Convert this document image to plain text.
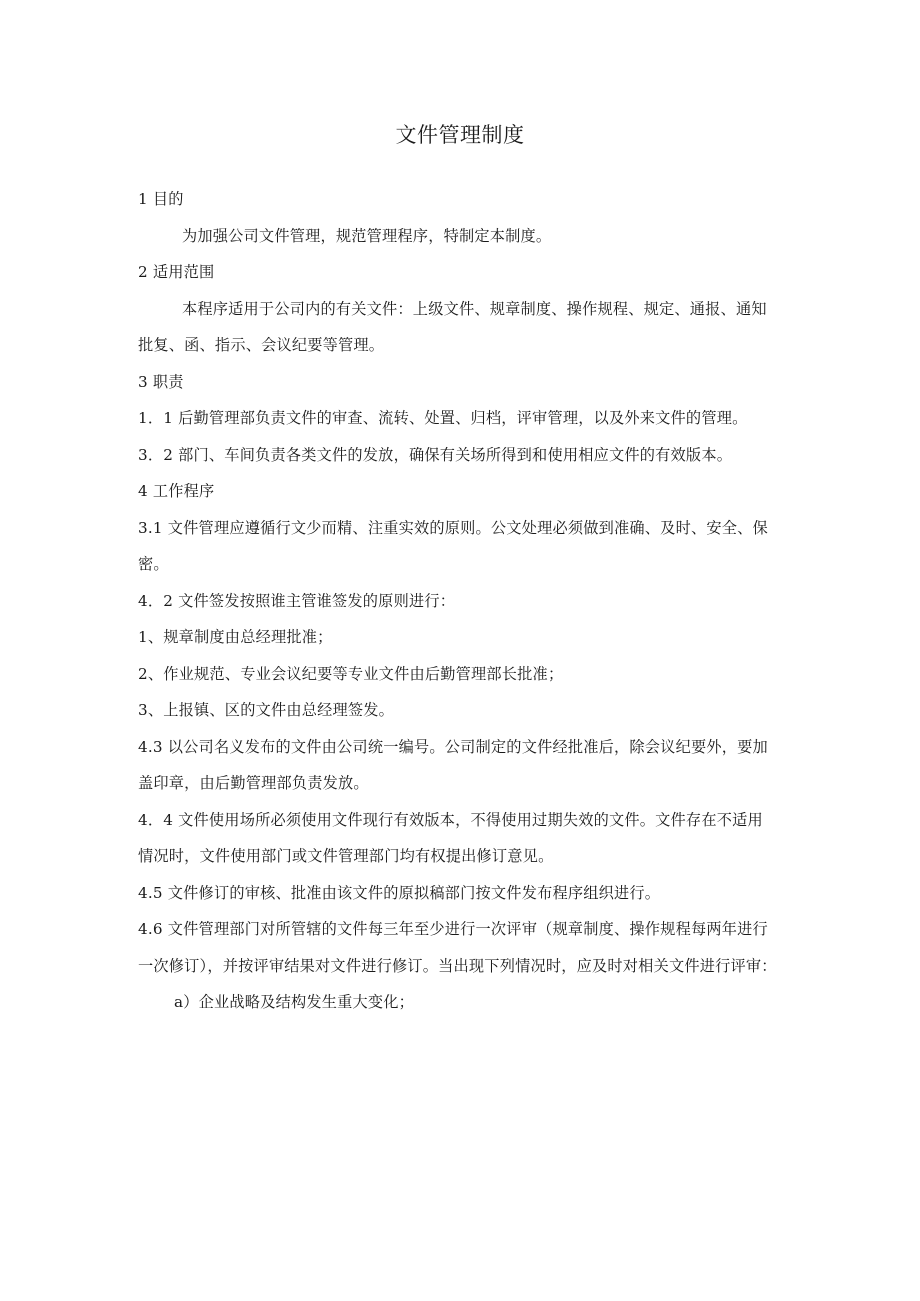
文件管理制度

1 目的

为加强公司文件管理，规范管理程序，特制定本制度。

2 适用范围

本程序适用于公司内的有关文件：上级文件、规章制度、操作规程、规定、通报、通知批复、函、指示、会议纪要等管理。

3 职责

1．1 后勤管理部负责文件的审查、流转、处置、归档，评审管理，以及外来文件的管理。

3．2 部门、车间负责各类文件的发放，确保有关场所得到和使用相应文件的有效版本。

4 工作程序

3.1 文件管理应遵循行文少而精、注重实效的原则。公文处理必须做到准确、及时、安全、保密。

4．2 文件签发按照谁主管谁签发的原则进行：

1、规章制度由总经理批准；

2、作业规范、专业会议纪要等专业文件由后勤管理部长批准；

3、上报镇、区的文件由总经理签发。

4.3 以公司名义发布的文件由公司统一编号。公司制定的文件经批准后，除会议纪要外，要加盖印章，由后勤管理部负责发放。

4．4 文件使用场所必须使用文件现行有效版本，不得使用过期失效的文件。文件存在不适用情况时，文件使用部门或文件管理部门均有权提出修订意见。

4.5 文件修订的审核、批准由该文件的原拟稿部门按文件发布程序组织进行。

4.6 文件管理部门对所管辖的文件每三年至少进行一次评审（规章制度、操作规程每两年进行一次修订），并按评审结果对文件进行修订。当出现下列情况时，应及时对相关文件进行评审：

a）企业战略及结构发生重大变化；
